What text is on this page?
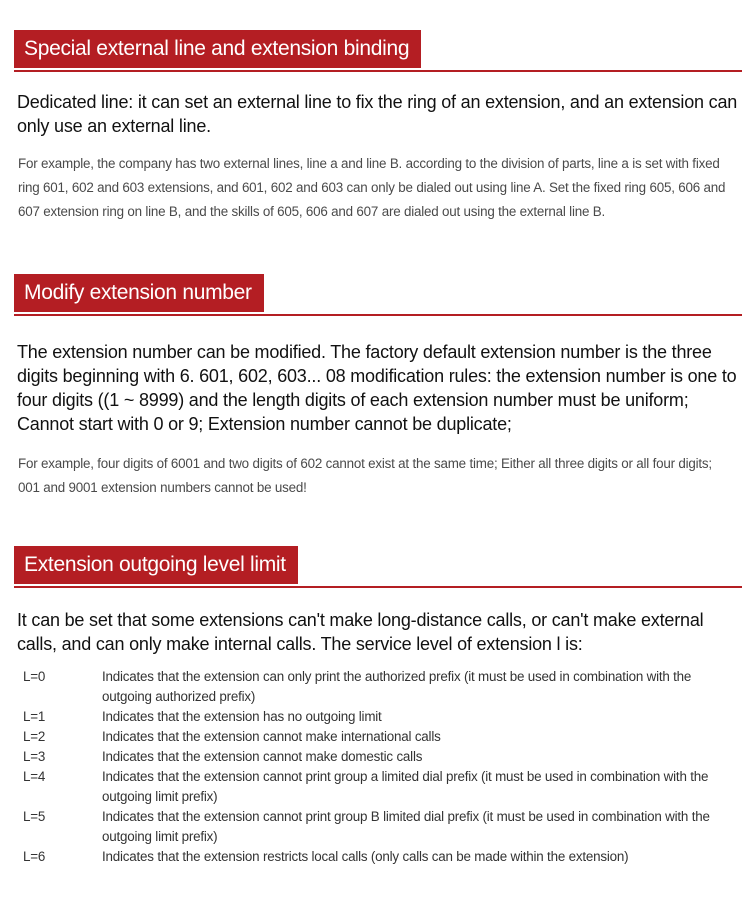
Special external line and extension binding
Dedicated line: it can set an external line to fix the ring of an extension, and an extension can only use an external line.
For example, the company has two external lines, line a and line B. according to the division of parts, line a is set with fixed ring 601, 602 and 603 extensions, and 601, 602 and 603 can only be dialed out using line A. Set the fixed ring 605, 606 and 607 extension ring on line B, and the skills of 605, 606 and 607 are dialed out using the external line B.
Modify extension number
The extension number can be modified. The factory default extension number is the three digits beginning with 6. 601, 602, 603... 08 modification rules: the extension number is one to four digits ((1 ~ 8999) and the length digits of each extension number must be uniform; Cannot start with 0 or 9; Extension number cannot be duplicate;
For example, four digits of 6001 and two digits of 602 cannot exist at the same time; Either all three digits or all four digits; 001 and 9001 extension numbers cannot be used!
Extension outgoing level limit
It can be set that some extensions can't make long-distance calls, or can't make external calls, and can only make internal calls. The service level of extension l is:
L=0	Indicates that the extension can only print the authorized prefix (it must be used in combination with the outgoing authorized prefix)
L=1	Indicates that the extension has no outgoing limit
L=2	Indicates that the extension cannot make international calls
L=3	Indicates that the extension cannot make domestic calls
L=4	Indicates that the extension cannot print group a limited dial prefix (it must be used in combination with the outgoing limit prefix)
L=5	Indicates that the extension cannot print group B limited dial prefix (it must be used in combination with the outgoing limit prefix)
L=6	Indicates that the extension restricts local calls (only calls can be made within the extension)
